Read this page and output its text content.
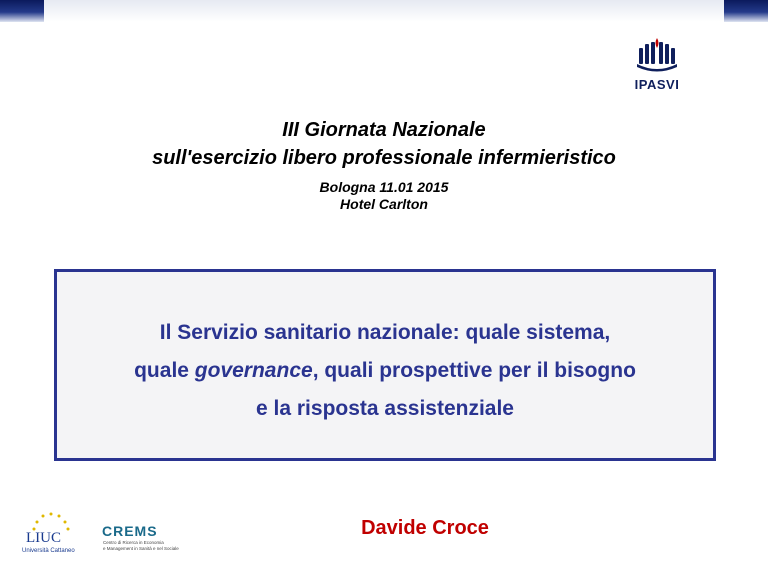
IPASVI
III Giornata Nazionale
sull'esercizio libero professionale infermieristico
Bologna 11.01 2015
Hotel Carlton
Il Servizio sanitario nazionale: quale sistema,
quale governance, quali prospettive per il bisogno
e la risposta assistenziale
Davide Croce
LIUC
Università Cattaneo
CREMS
Centro di Ricerca in Economia
e Management in Sanità e nel Sociale
